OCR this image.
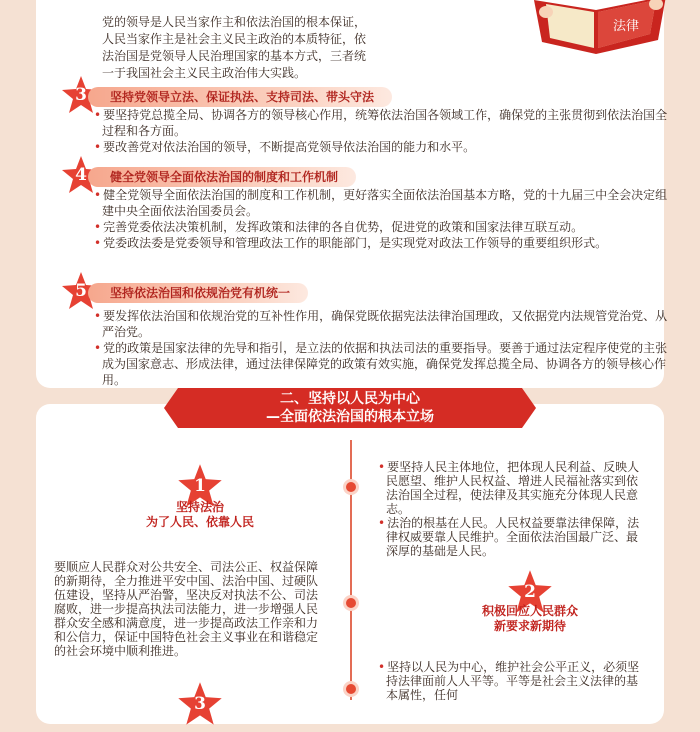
党的领导是人民当家作主和依法治国的根本保证，
人民当家作主是社会主义民主政治的本质特征，依
法治国是党领导人民治理国家的基本方式，三者统
一于我国社会主义民主政治伟大实践。
法律
3	坚持党领导立法、保证执法、支持司法、带头守法

• 要坚持党总揽全局、协调各方的领导核心作用，统筹依法治国各领域工作，确保党的主张贯彻到依法治国全过程和各方面。

• 要改善党对依法治国的领导，不断提高党领导依法治国的能力和水平。

4	健全党领导全面依法治国的制度和工作机制

• 健全党领导全面依法治国的制度和工作机制，更好落实全面依法治国基本方略，党的十九届三中全会决定组建中央全面依法治国委员会。

• 完善党委依法决策机制，发挥政策和法律的各自优势，促进党的政策和国家法律互联互动。

• 党委政法委是党委领导和管理政法工作的职能部门，是实现党对政法工作领导的重要组织形式。

5	坚持依法治国和依规治党有机统一

• 要发挥依法治国和依规治党的互补性作用，确保党既依据宪法法律治国理政，又依据党内法规管党治党、从严治党。

• 党的政策是国家法律的先导和指引，是立法的依据和执法司法的重要指导。要善于通过法定程序使党的主张成为国家意志、形成法律，通过法律保障党的政策有效实施，确保党发挥总揽全局、协调各方的领导核心作用。

二、坚持以人民为中心
—全面依法治国的根本立场
1
坚持法治
为了人民、依靠人民

• 要坚持人民主体地位，把体现人民利益、反映人民愿望、维护人民权益、增进人民福祉落实到依法治国全过程，使法律及其实施充分体现人民意志。

• 法治的根基在人民。人民权益要靠法律保障，法律权威要靠人民维护。全面依法治国最广泛、最深厚的基础是人民。

要顺应人民群众对公共安全、司法公正、权益保障的新期待，全力推进平安中国、法治中国、过硬队伍建设，坚持从严治警，坚决反对执法不公、司法腐败，进一步提高执法司法能力，进一步增强人民群众安全感和满意度，进一步提高政法工作亲和力和公信力，保证中国特色社会主义事业在和谐稳定的社会环境中顺利推进。
2
积极回应人民群众
新要求新期待
3

• 坚持以人民为中心，维护社会公平正义，必须坚持法律面前人人平等。平等是社会主义法律的基本属性，任何
